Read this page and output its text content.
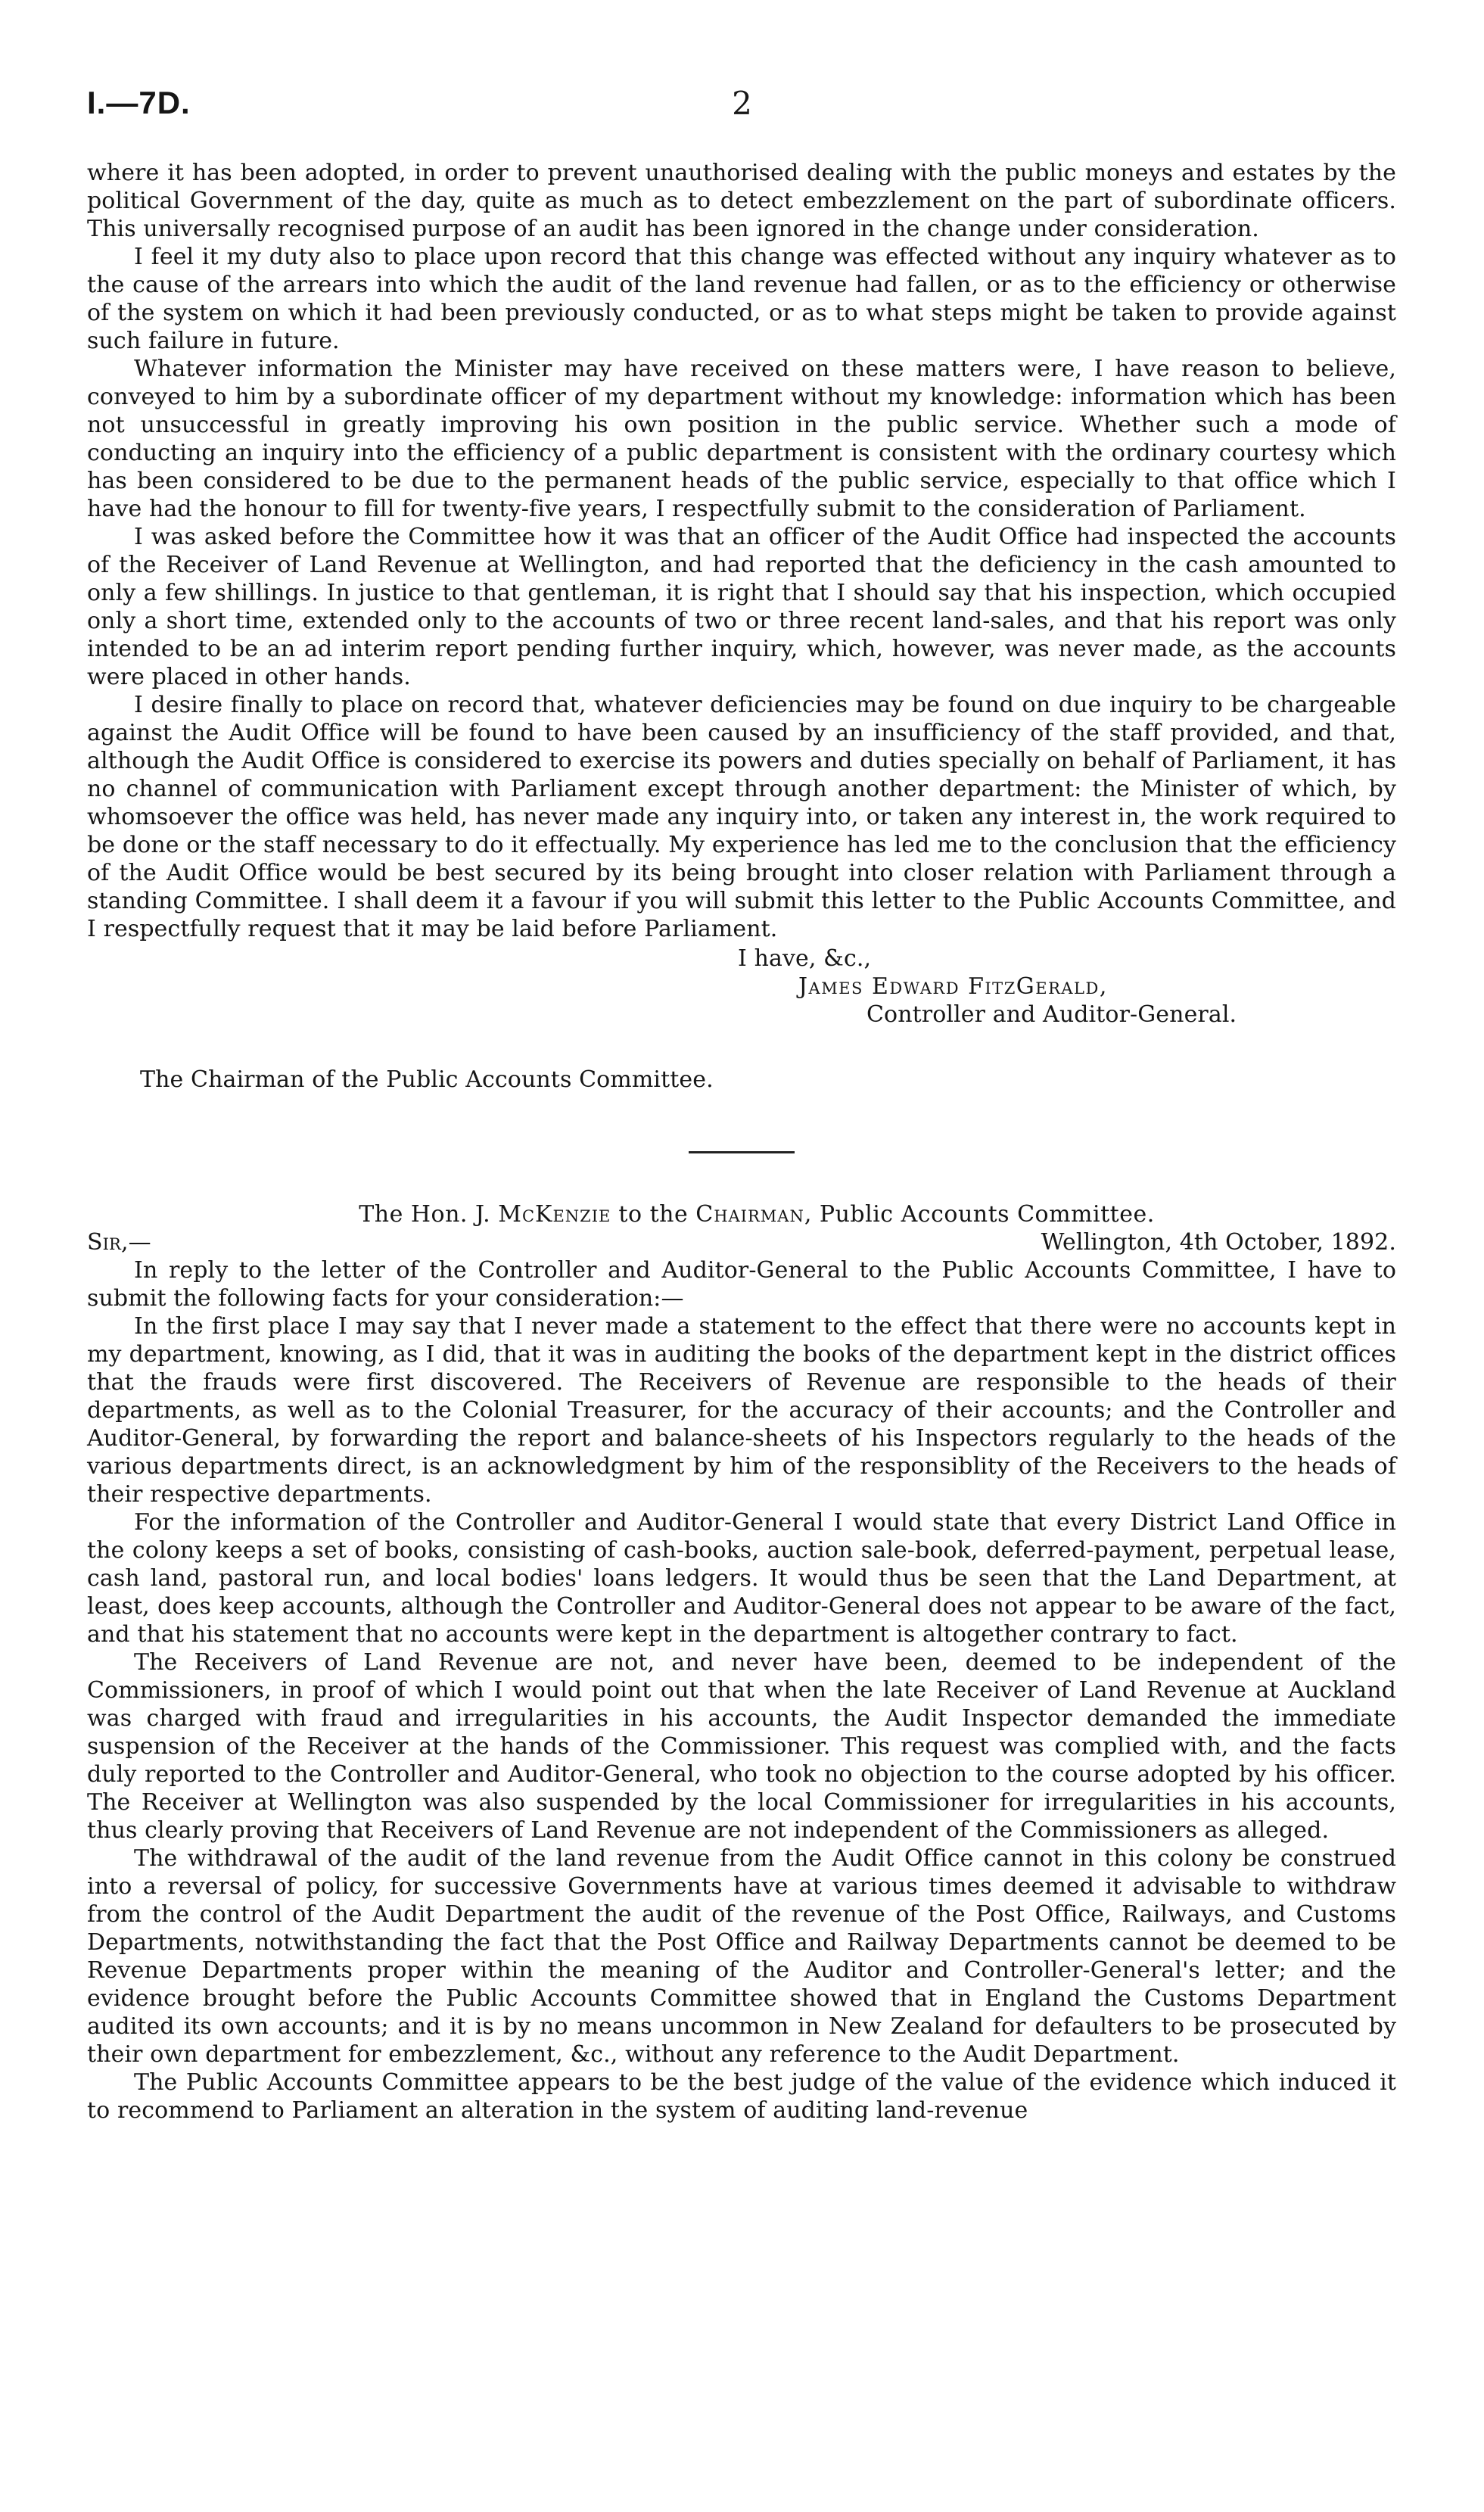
I.—7D.	2

where it has been adopted, in order to prevent unauthorised dealing with the public moneys and estates by the political Government of the day, quite as much as to detect embezzlement on the part of subordinate officers. This universally recognised purpose of an audit has been ignored in the change under consideration.

I feel it my duty also to place upon record that this change was effected without any inquiry whatever as to the cause of the arrears into which the audit of the land revenue had fallen, or as to the efficiency or otherwise of the system on which it had been previously conducted, or as to what steps might be taken to provide against such failure in future.

Whatever information the Minister may have received on these matters were, I have reason to believe, conveyed to him by a subordinate officer of my department without my knowledge: information which has been not unsuccessful in greatly improving his own position in the public service. Whether such a mode of conducting an inquiry into the efficiency of a public department is consistent with the ordinary courtesy which has been considered to be due to the permanent heads of the public service, especially to that office which I have had the honour to fill for twenty-five years, I respectfully submit to the consideration of Parliament.

I was asked before the Committee how it was that an officer of the Audit Office had inspected the accounts of the Receiver of Land Revenue at Wellington, and had reported that the deficiency in the cash amounted to only a few shillings. In justice to that gentleman, it is right that I should say that his inspection, which occupied only a short time, extended only to the accounts of two or three recent land-sales, and that his report was only intended to be an ad interim report pending further inquiry, which, however, was never made, as the accounts were placed in other hands.

I desire finally to place on record that, whatever deficiencies may be found on due inquiry to be chargeable against the Audit Office will be found to have been caused by an insufficiency of the staff provided, and that, although the Audit Office is considered to exercise its powers and duties specially on behalf of Parliament, it has no channel of communication with Parliament except through another department: the Minister of which, by whomsoever the office was held, has never made any inquiry into, or taken any interest in, the work required to be done or the staff necessary to do it effectually. My experience has led me to the conclusion that the efficiency of the Audit Office would be best secured by its being brought into closer relation with Parliament through a standing Committee. I shall deem it a favour if you will submit this letter to the Public Accounts Committee, and I respectfully request that it may be laid before Parliament.

I have, &c.,
James Edward FitzGerald,
Controller and Auditor-General.
The Chairman of the Public Accounts Committee.
The Hon. J. McKenzie to the Chairman, Public Accounts Committee.
Sir,—	Wellington, 4th October, 1892.

In reply to the letter of the Controller and Auditor-General to the Public Accounts Committee, I have to submit the following facts for your consideration:—

In the first place I may say that I never made a statement to the effect that there were no accounts kept in my department, knowing, as I did, that it was in auditing the books of the department kept in the district offices that the frauds were first discovered. The Receivers of Revenue are responsible to the heads of their departments, as well as to the Colonial Treasurer, for the accuracy of their accounts; and the Controller and Auditor-General, by forwarding the report and balance-sheets of his Inspectors regularly to the heads of the various departments direct, is an acknowledgment by him of the responsiblity of the Receivers to the heads of their respective departments.

For the information of the Controller and Auditor-General I would state that every District Land Office in the colony keeps a set of books, consisting of cash-books, auction sale-book, deferred-payment, perpetual lease, cash land, pastoral run, and local bodies' loans ledgers. It would thus be seen that the Land Department, at least, does keep accounts, although the Controller and Auditor-General does not appear to be aware of the fact, and that his statement that no accounts were kept in the department is altogether contrary to fact.

The Receivers of Land Revenue are not, and never have been, deemed to be independent of the Commissioners, in proof of which I would point out that when the late Receiver of Land Revenue at Auckland was charged with fraud and irregularities in his accounts, the Audit Inspector demanded the immediate suspension of the Receiver at the hands of the Commissioner. This request was complied with, and the facts duly reported to the Controller and Auditor-General, who took no objection to the course adopted by his officer. The Receiver at Wellington was also suspended by the local Commissioner for irregularities in his accounts, thus clearly proving that Receivers of Land Revenue are not independent of the Commissioners as alleged.

The withdrawal of the audit of the land revenue from the Audit Office cannot in this colony be construed into a reversal of policy, for successive Governments have at various times deemed it advisable to withdraw from the control of the Audit Department the audit of the revenue of the Post Office, Railways, and Customs Departments, notwithstanding the fact that the Post Office and Railway Departments cannot be deemed to be Revenue Departments proper within the meaning of the Auditor and Controller-General's letter; and the evidence brought before the Public Accounts Committee showed that in England the Customs Department audited its own accounts; and it is by no means uncommon in New Zealand for defaulters to be prosecuted by their own department for embezzlement, &c., without any reference to the Audit Department.

The Public Accounts Committee appears to be the best judge of the value of the evidence which induced it to recommend to Parliament an alteration in the system of auditing land-revenue
